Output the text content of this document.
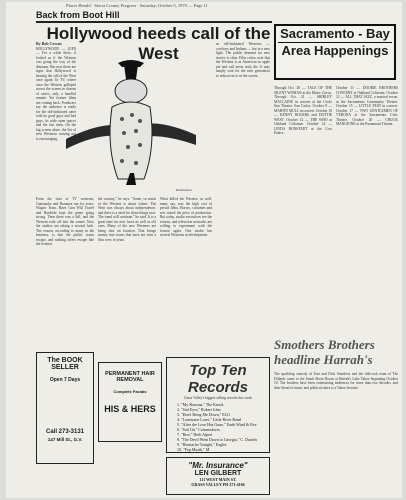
Placer Herald · Sierra County Progress · Saturday, October 5, 1979 — Page 11
Back from Boot Hill
Hollywood heeds call of the West
Illustration
By Bob Cowan
HOLLYWOOD — (UPI) — For a while there, it looked as if the Western was going the way of the dinosaur. But now there are signs that Hollywood is hearing the call of the West once again. In TV, where once the Western galloped across the screen in dozens of series, only a handful remain. Yet feature films are coming back. Producers say the audience is ready for the old-fashioned oater with its good guys and bad guys, its wide open spaces and the fast draw. On the big screen alone, the list of new Westerns coming out is encouraging.
From the start of TV westerns, Gunsmoke and Bonanza ran for years. Wagon Train, Have Gun Will Travel and Rawhide kept the genre going strong. Then there was a lull, and the Western rode off into the sunset. Now the studios are taking a second look. The reason, according to many in the business, is that the public wants escape, and nothing offers escape like the frontier.
the country," he says. "Some, so much of the Western is about values. The West was always about independence, and there is a need for those things now. The trend will continue," he said. It is a great time for new faces as well as old ones. Many of the new Westerns are being shot on location. That brings money into towns that have not seen a film crew in years.
What killed the Western, as well, many say, was the high cost of period films. Horses, costumes and sets raised the price of production. But today, studio executives see the returns, and television networks are willing to experiment with the format again. One studio has several Westerns in development.
as old-fashioned Westerns — cowboys and Indians — but in a new light. The public demand for new stories is clear. Film critics note that the Western is as American as apple pie and will never truly die. It may simply wait for the next generation to rediscover it on the screen.
Sacramento - Bay
Area Happenings
Through Oct. 28 — TALE OF THE SILENT WOMAN at the Music Circus. Through Oct. 21 — SHIRLEY MACLAINE in concert at the Circle Star Theatre, San Carlos. October 9 — MARTIN MULL in concert. October 10 — KENNY ROGERS and DOTTIE WEST. October 12 — THE WHO at Oakland Coliseum. October 14 — LINDA RONSTADT at the Cow Palace.
October 11 — DOOBIE BROTHERS CONCERT at Oakland Coliseum. October 12 — ALL THAT JAZZ, a musical revue, at the Sacramento Community Theater. October 15 — LITTLE FEAT in concert. October 17 — TWO GENTLEMEN OF VERONA at the Sacramento Civic Theater. October 20 — CHUCK MANGIONE at the Paramount Theater.
Smothers Brothers headline Harrah's
The sparkling comedy of Tom and Dick Smothers and the folk-rock team of The Dillards come to the South Shore Room at Harrah's Lake Tahoe beginning October 10. The brothers have been entertaining audiences for more than two decades, and their blend of music and political satire is a Tahoe favorite.
The BOOK SELLER
Open 7 Days
Call 273-3131
147 Mill St., G.V.
PERMANENT HAIR REMOVAL
Complete Facials
HIS & HERS
Top Ten Records
Grass Valley's biggest selling records this week
1. "My Sharona," The Knack
2. "Sad Eyes," Robert John
3. "Don't Bring Me Down," ELO
4. "Lonesome Loser," Little River Band
5. "After the Love Has Gone," Earth Wind & Fire
6. "Sail On," Commodores
7. "Rise," Herb Alpert
8. "The Devil Went Down to Georgia," C. Daniels
9. "Heartache Tonight," Eagles
10. "Pop Muzik," M
"Mr. Insurance"
LEN GILBERT
111 WEST MAIN ST.
GRASS VALLEY PH 273-4166
